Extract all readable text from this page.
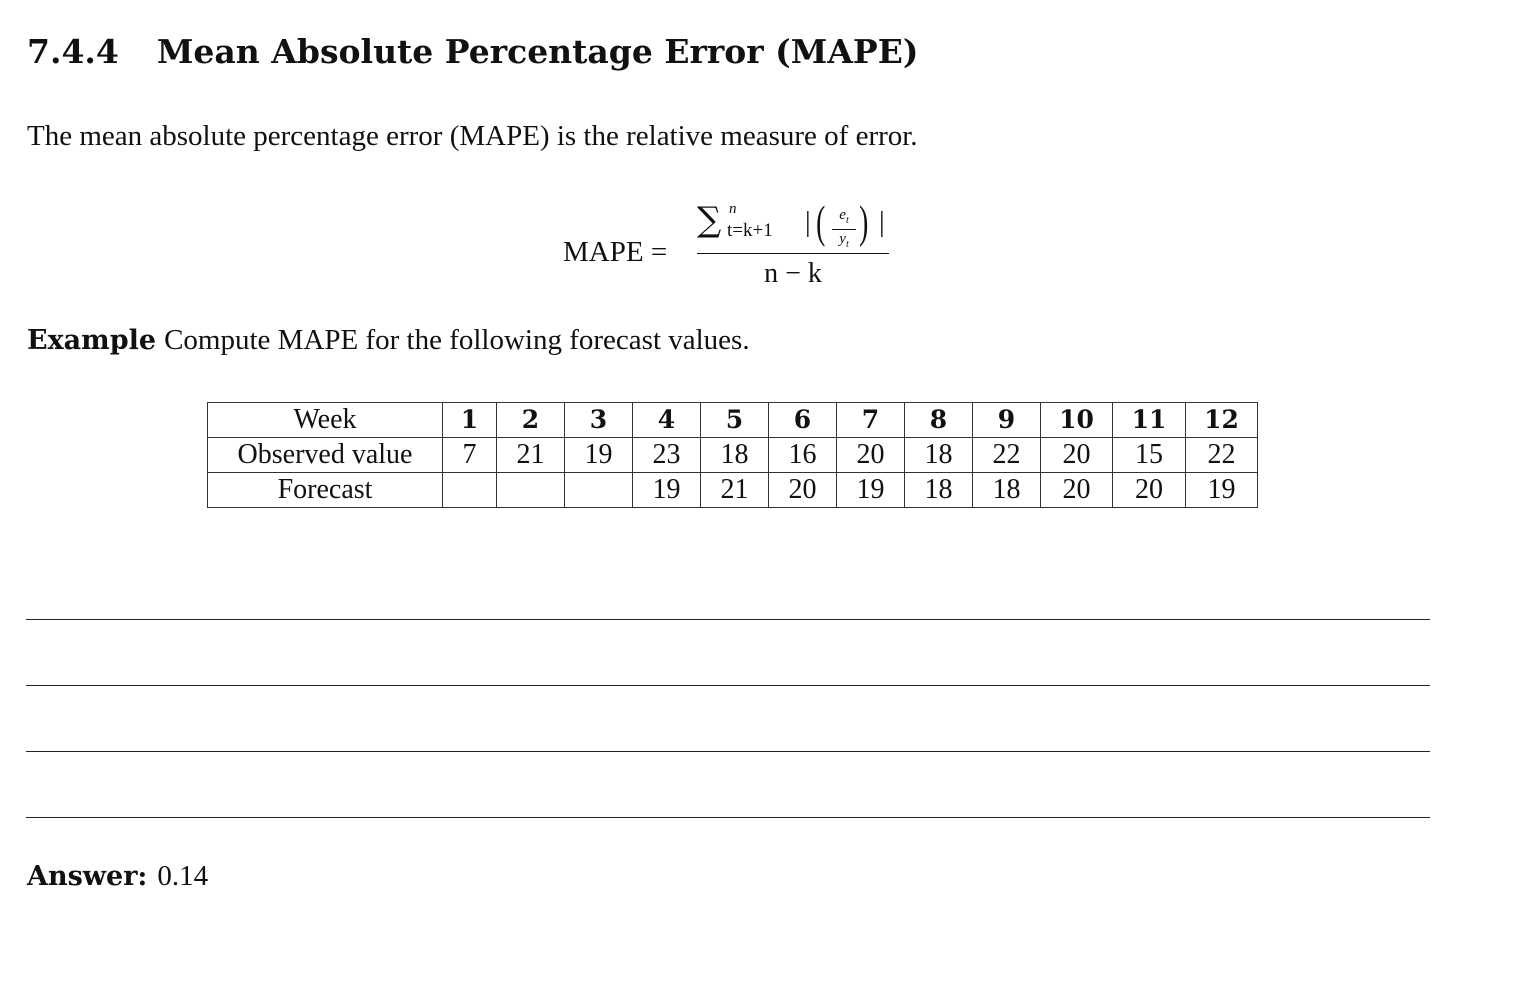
7.4.4 Mean Absolute Percentage Error (MAPE)

The mean absolute percentage error (MAPE) is the relative measure of error.

MAPE =
∑ n
t=k+1 | ( $\frac{e_t}{y_t}$ ) |
n − k

Example Compute MAPE for the following forecast values.

Week	1	2	3	4	5	6	7	8	9	10	11	12
Observed value	7	21	19	23	18	16	20	18	22	20	15	22
Forecast				19	21	20	19	18	18	20	20	19

Answer: 0.14
